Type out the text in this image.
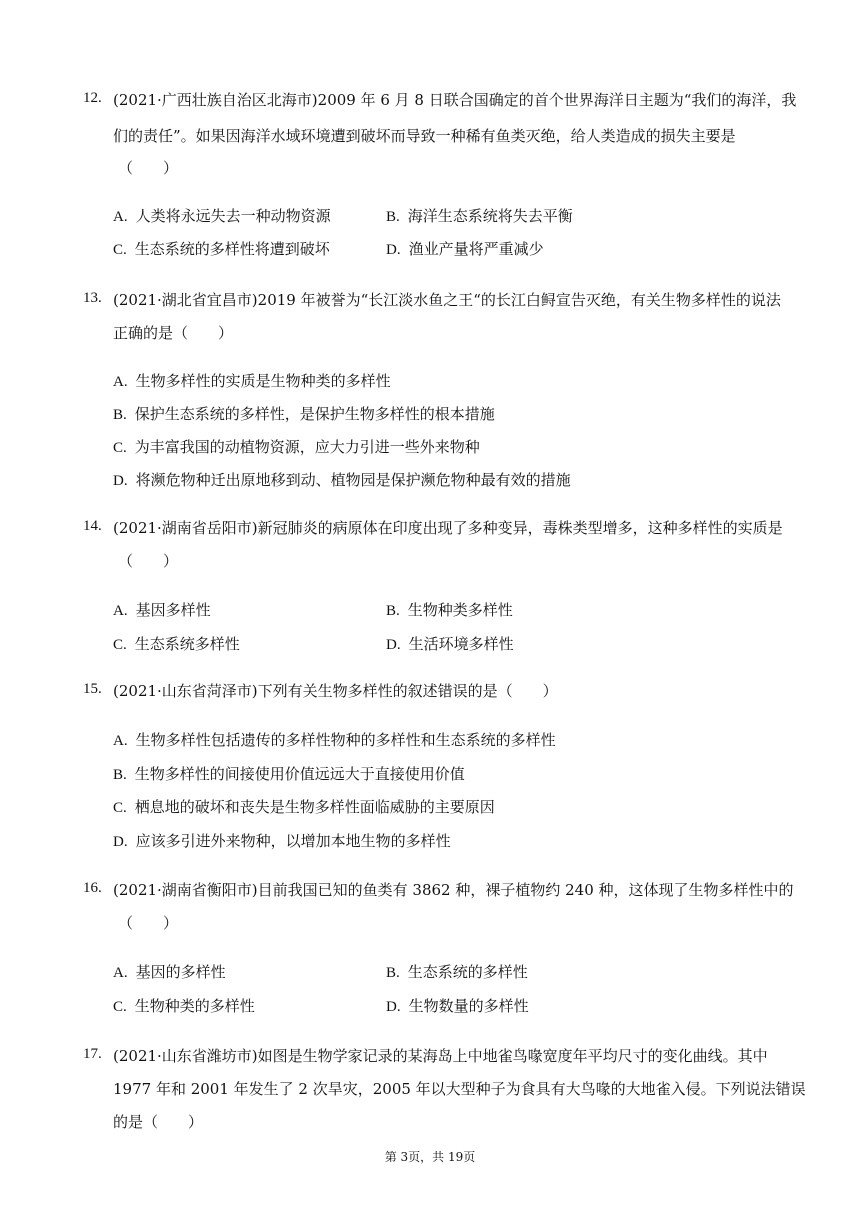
12. (2021·广西壮族自治区北海市)2009 年 6 月 8 日联合国确定的首个世界海洋日主题为“我们的海洋，我
们的责任”。如果因海洋水域环境遭到破坏而导致一种稀有鱼类灭绝，给人类造成的损失主要是
（　　）
A. 人类将永远失去一种动物资源	B. 海洋生态系统将失去平衡
C. 生态系统的多样性将遭到破坏	D. 渔业产量将严重减少
13. (2021·湖北省宜昌市)2019 年被誉为“长江淡水鱼之王“的长江白鲟宣告灭绝，有关生物多样性的说法
正确的是（　　）
A. 生物多样性的实质是生物种类的多样性
B. 保护生态系统的多样性，是保护生物多样性的根本措施
C. 为丰富我国的动植物资源，应大力引进一些外来物种
D. 将濒危物种迁出原地移到动、植物园是保护濒危物种最有效的措施
14. (2021·湖南省岳阳市)新冠肺炎的病原体在印度出现了多种变异，毒株类型增多，这种多样性的实质是
（　　）
A. 基因多样性	B. 生物种类多样性
C. 生态系统多样性	D. 生活环境多样性
15. (2021·山东省菏泽市)下列有关生物多样性的叙述错误的是（　　）
A. 生物多样性包括遗传的多样性物种的多样性和生态系统的多样性
B. 生物多样性的间接使用价值远远大于直接使用价值
C. 栖息地的破坏和丧失是生物多样性面临威胁的主要原因
D. 应该多引进外来物种，以增加本地生物的多样性
16. (2021·湖南省衡阳市)目前我国已知的鱼类有 3862 种，裸子植物约 240 种，这体现了生物多样性中的
（　　）
A. 基因的多样性	B. 生态系统的多样性
C. 生物种类的多样性	D. 生物数量的多样性
17. (2021·山东省潍坊市)如图是生物学家记录的某海岛上中地雀鸟喙宽度年平均尺寸的变化曲线。其中
1977 年和 2001 年发生了 2 次旱灾，2005 年以大型种子为食具有大鸟喙的大地雀入侵。下列说法错误
的是（　　）
第 3页，共 19页
